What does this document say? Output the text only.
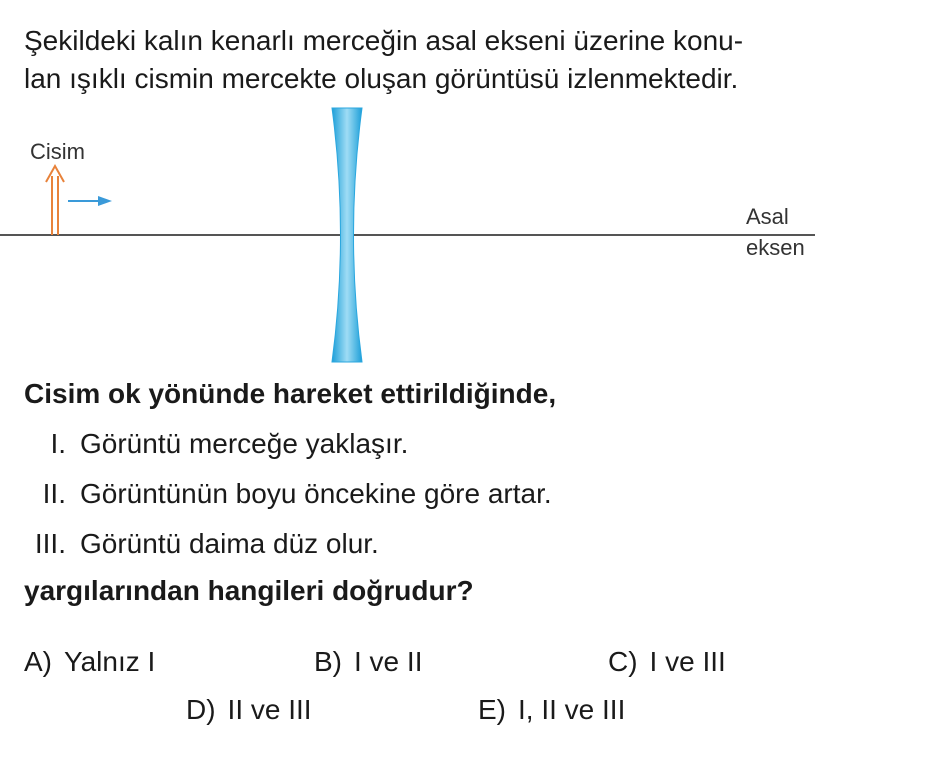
Şekildeki kalın kenarlı merceğin asal ekseni üzerine konu-
lan ışıklı cismin mercekte oluşan görüntüsü izlenmektedir.
Cisim
Asal
eksen
Cisim ok yönünde hareket ettirildiğinde,
I. Görüntü merceğe yaklaşır.
II. Görüntünün boyu öncekine göre artar.
III. Görüntü daima düz olur.
yargılarından hangileri doğrudur?
A) Yalnız I	B) I ve II	C) I ve III
D) II ve III	E) I, II ve III
